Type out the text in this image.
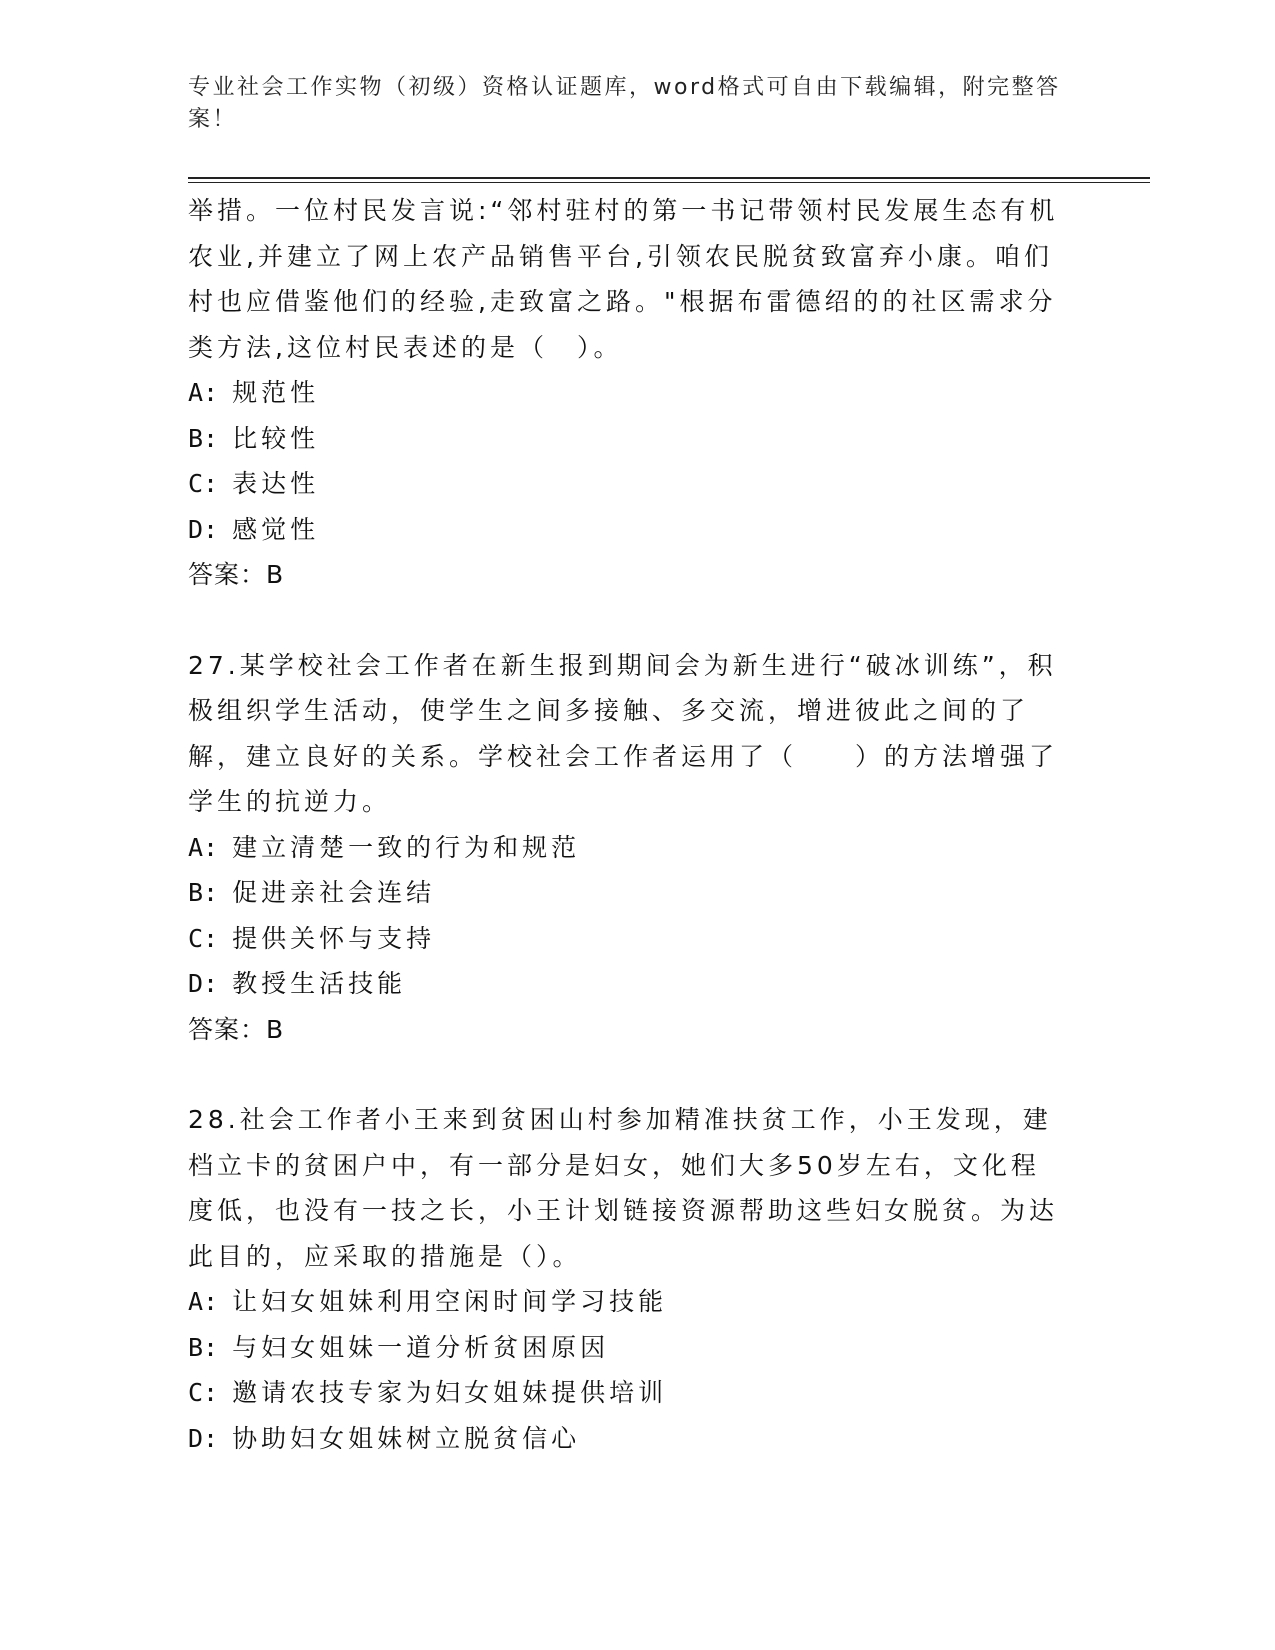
专业社会工作实物（初级）资格认证题库，word格式可自由下载编辑，附完整答案！
举措。一位村民发言说:“邻村驻村的第一书记带领村民发展生态有机农业,并建立了网上农产品销售平台,引领农民脱贫致富弃小康。咱们村也应借鉴他们的经验,走致富之路。"根据布雷德绍的的社区需求分类方法,这位村民表述的是（　）。
A: 规范性
B: 比较性
C: 表达性
D: 感觉性
答案：B
27.某学校社会工作者在新生报到期间会为新生进行“破冰训练”，积极组织学生活动，使学生之间多接触、多交流，增进彼此之间的了解，建立良好的关系。学校社会工作者运用了（　　）的方法增强了学生的抗逆力。
A: 建立清楚一致的行为和规范
B: 促进亲社会连结
C: 提供关怀与支持
D: 教授生活技能
答案：B
28.社会工作者小王来到贫困山村参加精准扶贫工作，小王发现，建档立卡的贫困户中，有一部分是妇女，她们大多50岁左右，文化程度低，也没有一技之长，小王计划链接资源帮助这些妇女脱贫。为达此目的，应采取的措施是（）。
A: 让妇女姐妹利用空闲时间学习技能
B: 与妇女姐妹一道分析贫困原因
C: 邀请农技专家为妇女姐妹提供培训
D: 协助妇女姐妹树立脱贫信心
